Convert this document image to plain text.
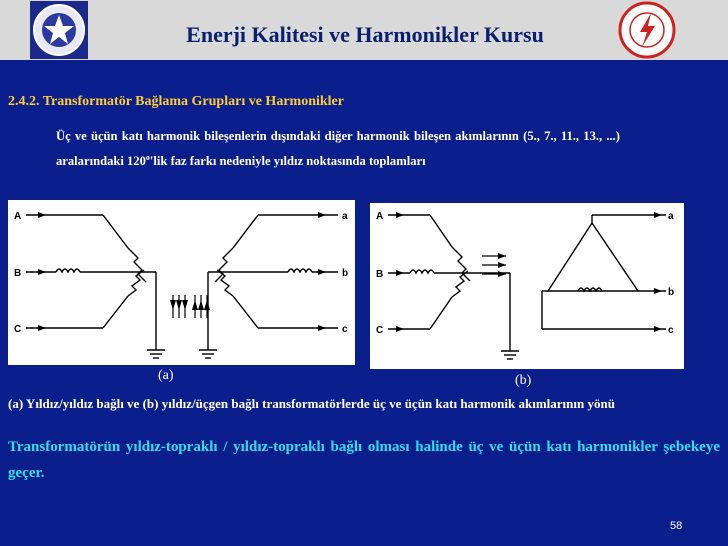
Enerji Kalitesi ve Harmonikler Kursu
2.4.2. Transformatör Bağlama Grupları ve Harmonikler
Üç ve üçün katı harmonik bileşenlerin dışındaki diğer harmonik bileşen akımlarının (5., 7., 11., 13., ...) aralarındaki 120$^o$'lik faz farkı nedeniyle yıldız noktasında toplamları
A
B
C
a
b
c
A
B
C
a
b
c
(a)	(b)
(a) Yıldız/yıldız bağlı ve (b) yıldız/üçgen bağlı transformatörlerde üç ve üçün katı harmonik akımlarının yönü
Transformatörün yıldız-topraklı / yıldız-topraklı bağlı olması halinde üç ve üçün katı harmonikler şebekeye geçer.
58
